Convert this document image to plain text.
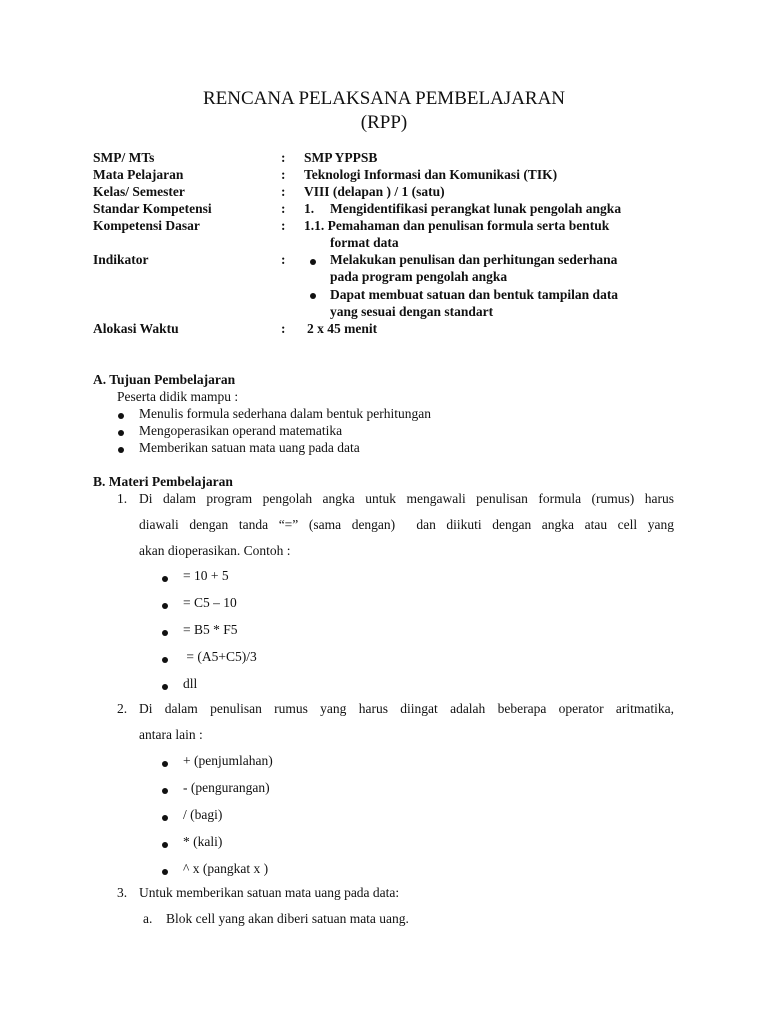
RENCANA PELAKSANA PEMBELAJARAN
(RPP)
SMP/ MTs	: SMP YPPSB
Mata Pelajaran	: Teknologi Informasi dan Komunikasi (TIK)
Kelas/ Semester	: VIII (delapan ) / 1 (satu)
Standar Kompetensi	: 1. Mengidentifikasi perangkat lunak pengolah angka
Kompetensi Dasar	: 1.1. Pemahaman dan penulisan formula serta bentuk
format data
Indikator	:	Melakukan penulisan dan perhitungan sederhana
pada program pengolah angka
Dapat membuat satuan dan bentuk tampilan data
yang sesuai dengan standart
Alokasi Waktu	: 2 x 45 menit
A. Tujuan Pembelajaran
Peserta didik mampu :
Menulis formula sederhana dalam bentuk perhitungan
Mengoperasikan operand matematika
Memberikan satuan mata uang pada data
B. Materi Pembelajaran
1. Di dalam program pengolah angka untuk mengawali penulisan formula (rumus) harus
diawali dengan tanda “=” (sama dengan)  dan diikuti dengan angka atau cell yang
akan dioperasikan. Contoh :
= 10 + 5
= C5 – 10
= B5 * F5
= (A5+C5)/3
dll
2. Di dalam penulisan rumus yang harus diingat adalah beberapa operator aritmatika,
antara lain :
+ (penjumlahan)
- (pengurangan)
/ (bagi)
* (kali)
^ x (pangkat x )
3. Untuk memberikan satuan mata uang pada data:
a. Blok cell yang akan diberi satuan mata uang.
